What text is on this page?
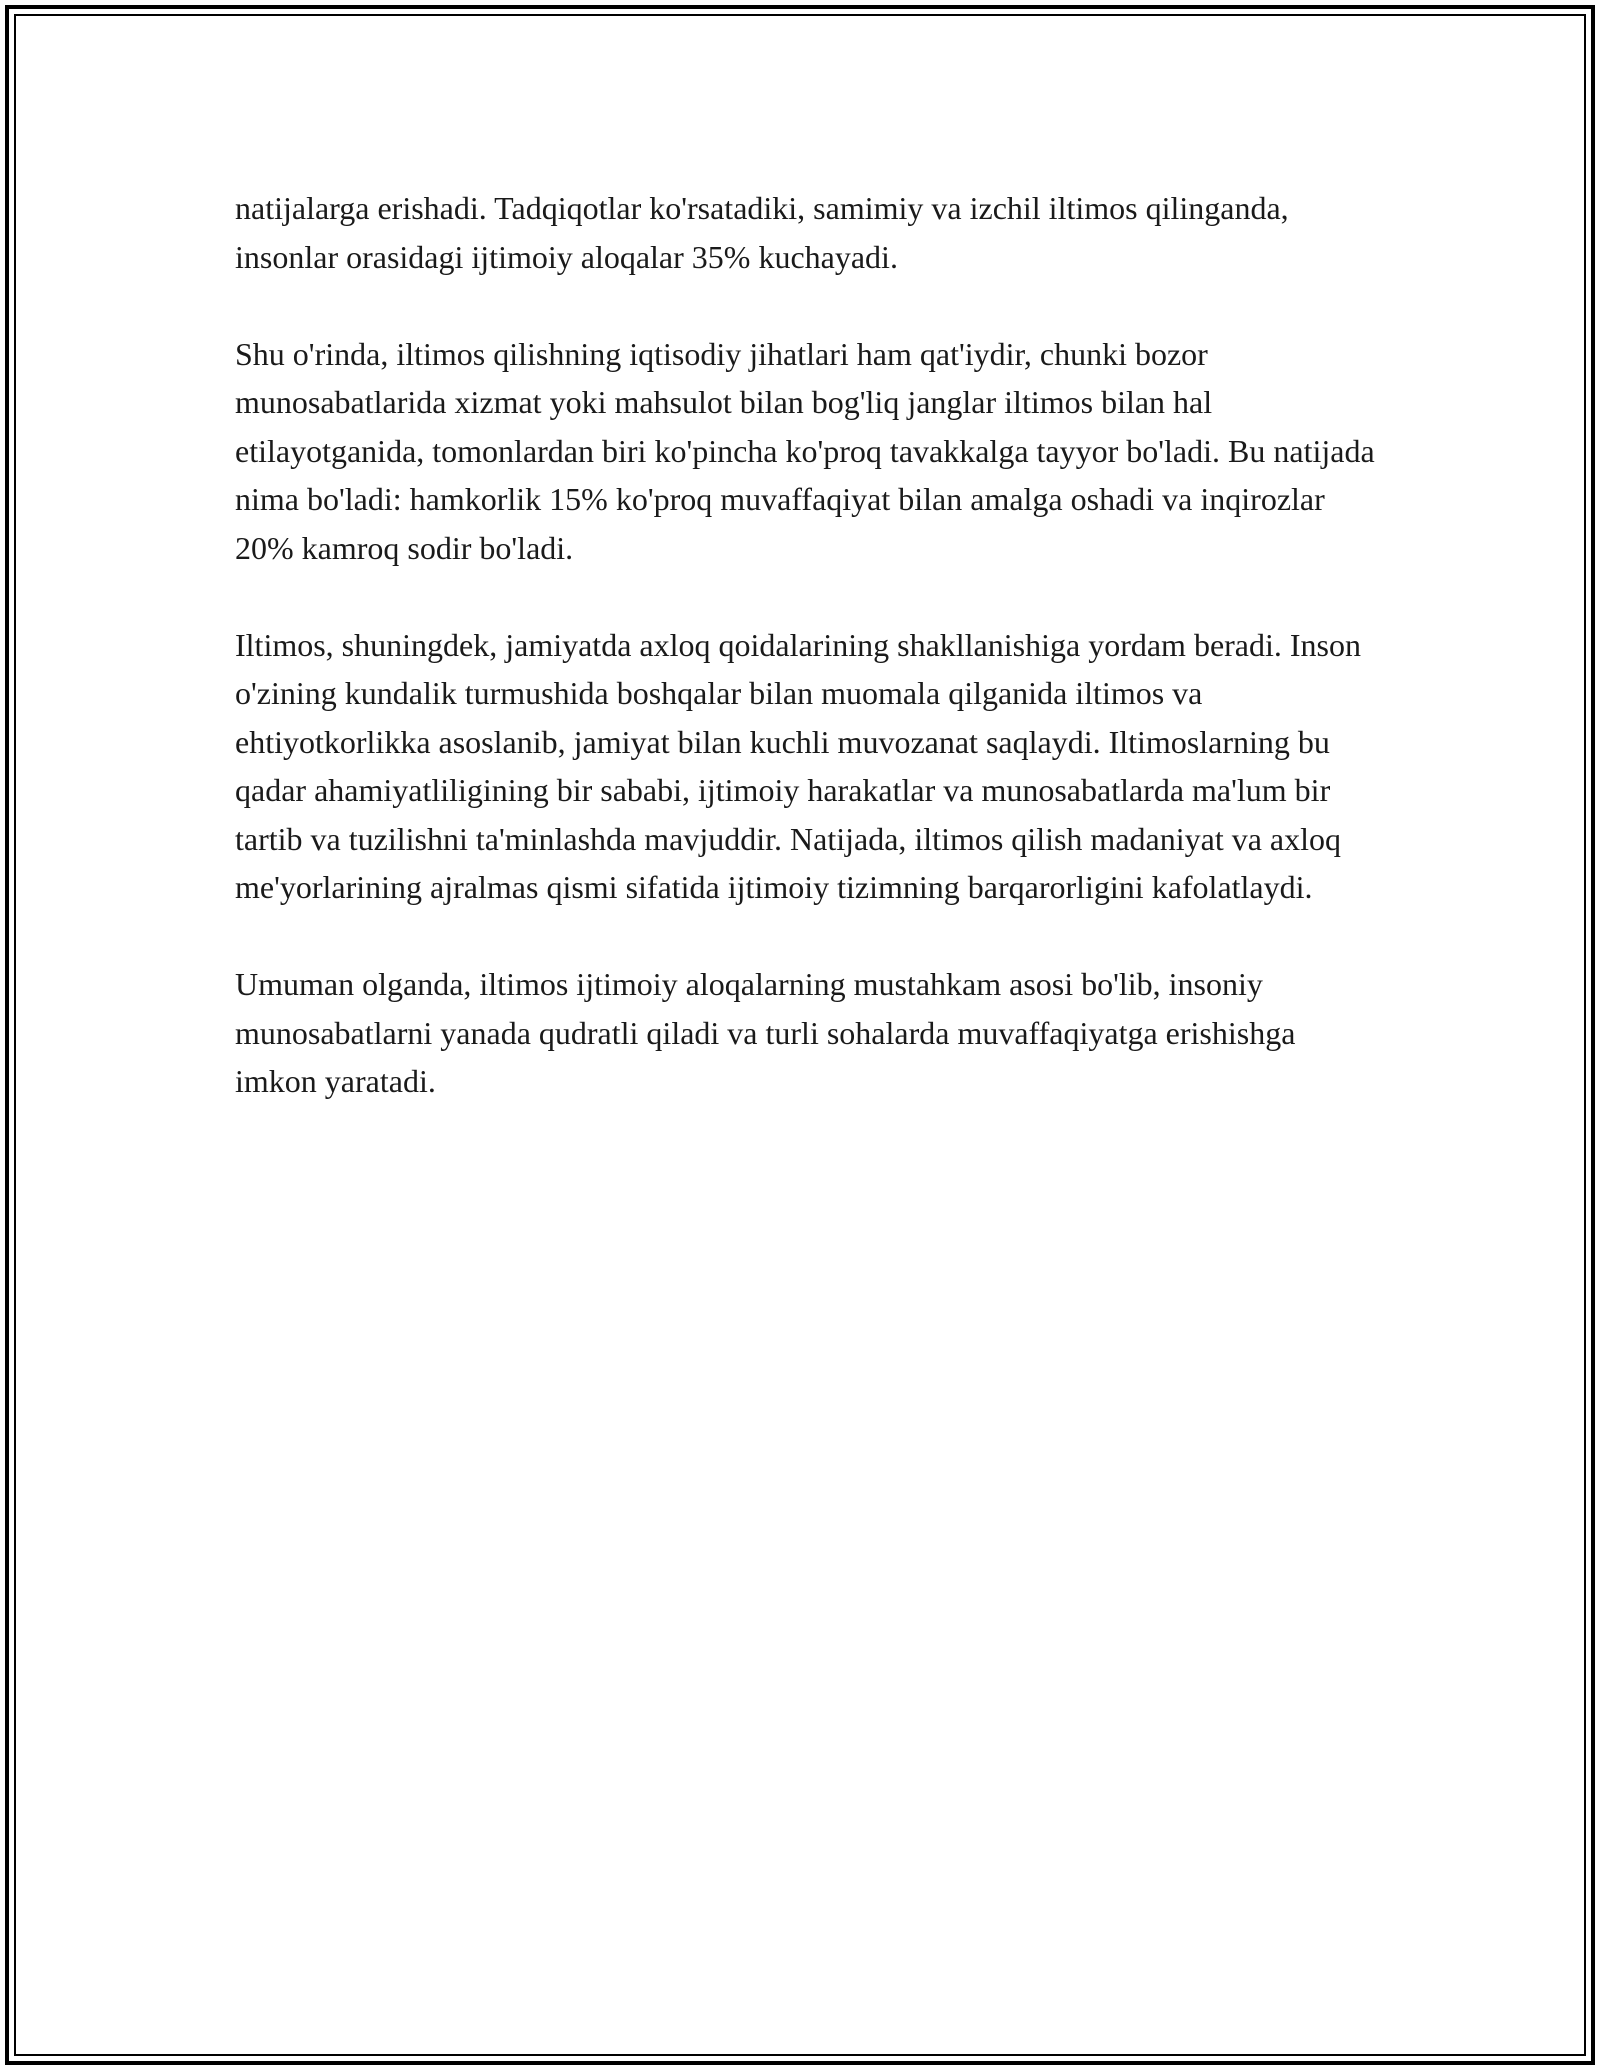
natijalarga erishadi. Tadqiqotlar ko'rsatadiki, samimiy va izchil iltimos qilinganda, insonlar orasidagi ijtimoiy aloqalar 35% kuchayadi.

Shu o'rinda, iltimos qilishning iqtisodiy jihatlari ham qat'iydir, chunki bozor munosabatlarida xizmat yoki mahsulot bilan bog'liq janglar iltimos bilan hal etilayotganida, tomonlardan biri ko'pincha ko'proq tavakkalga tayyor bo'ladi. Bu natijada nima bo'ladi: hamkorlik 15% ko'proq muvaffaqiyat bilan amalga oshadi va inqirozlar 20% kamroq sodir bo'ladi.

Iltimos, shuningdek, jamiyatda axloq qoidalarining shakllanishiga yordam beradi. Inson o'zining kundalik turmushida boshqalar bilan muomala qilganida iltimos va ehtiyotkorlikka asoslanib, jamiyat bilan kuchli muvozanat saqlaydi. Iltimoslarning bu qadar ahamiyatliligining bir sababi, ijtimoiy harakatlar va munosabatlarda ma'lum bir tartib va tuzilishni ta'minlashda mavjuddir. Natijada, iltimos qilish madaniyat va axloq me'yorlarining ajralmas qismi sifatida ijtimoiy tizimning barqarorligini kafolatlaydi.

Umuman olganda, iltimos ijtimoiy aloqalarning mustahkam asosi bo'lib, insoniy munosabatlarni yanada qudratli qiladi va turli sohalarda muvaffaqiyatga erishishga imkon yaratadi.
